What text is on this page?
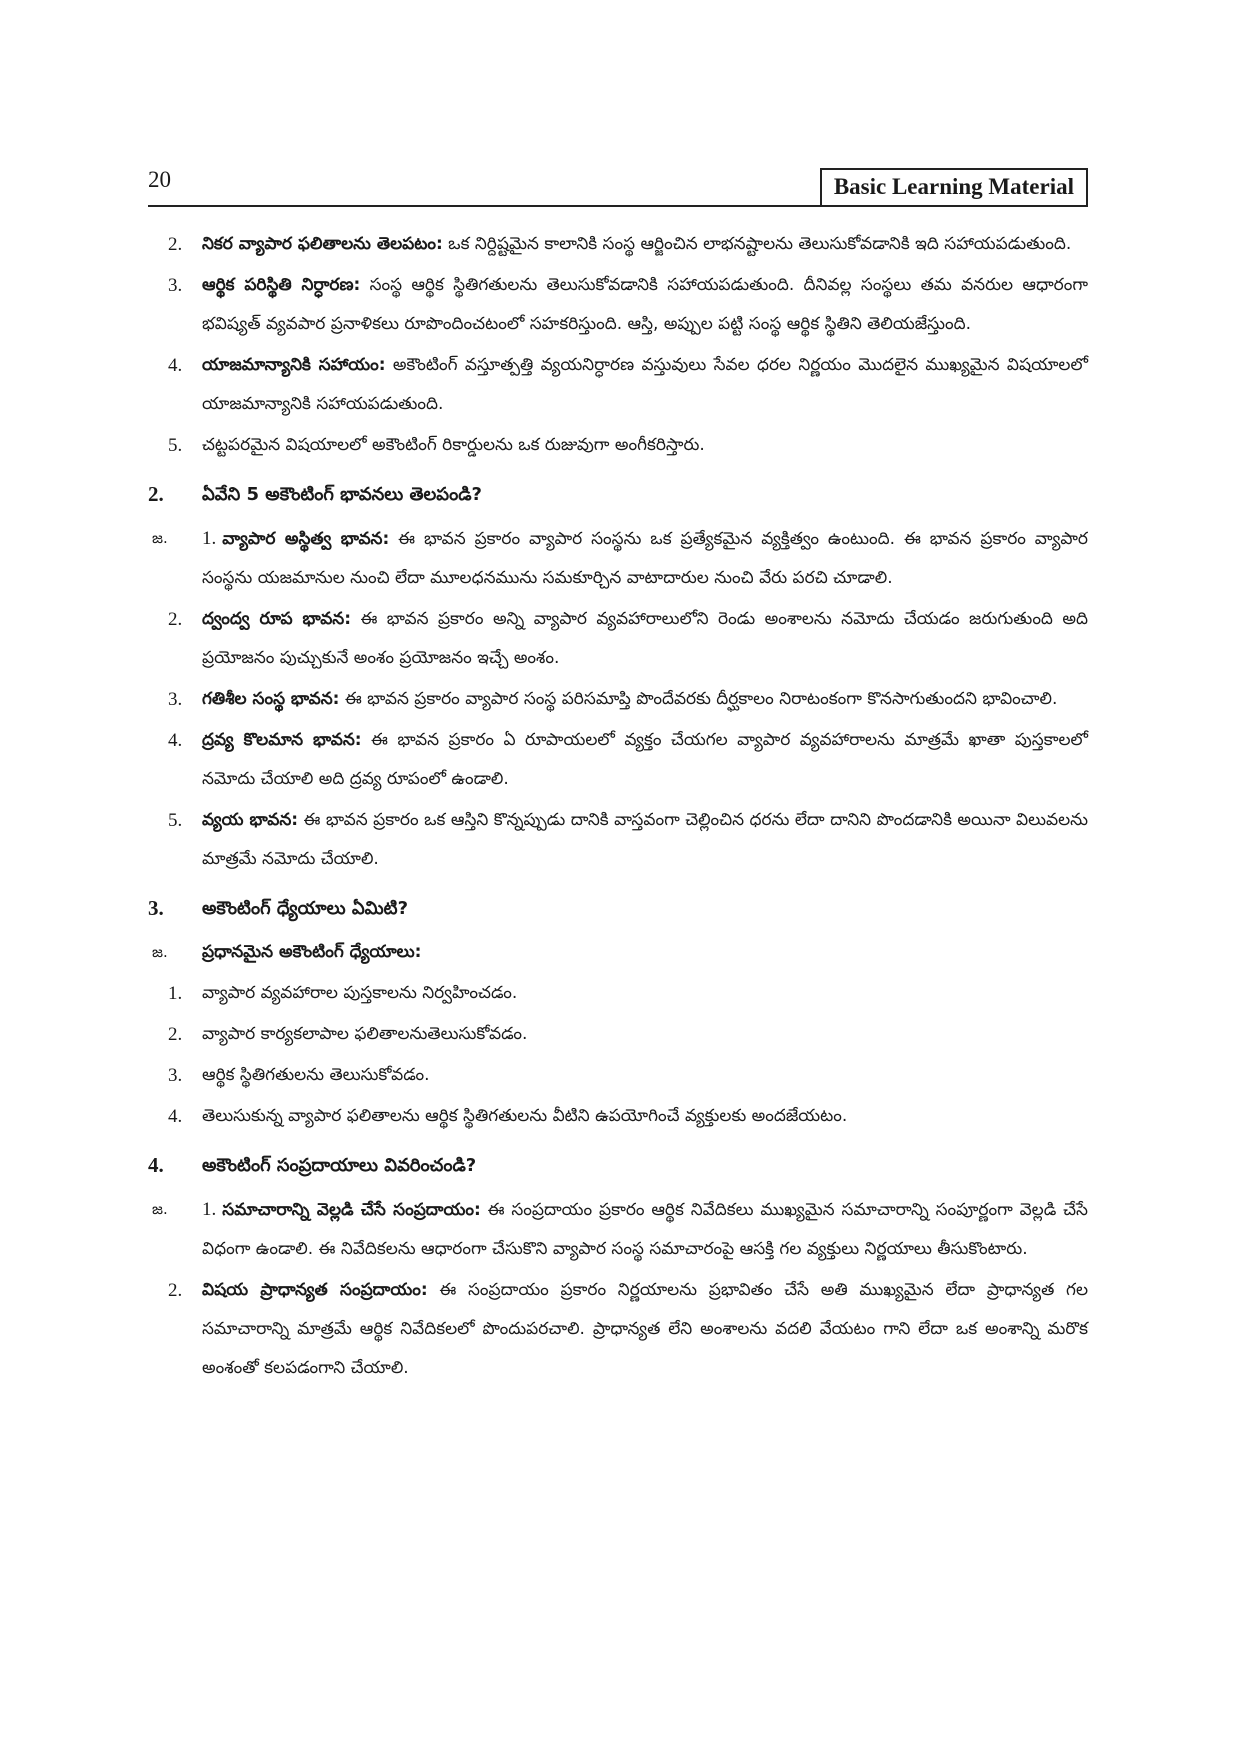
20	Basic Learning Material
2. నికర వ్యాపార ఫలితాలను తెలపటం: ఒక నిర్దిష్టమైన కాలానికి సంస్థ ఆర్జించిన లాభనష్టాలను తెలుసుకోవడానికి ఇది సహాయపడుతుంది.
3. ఆర్థిక పరిస్థితి నిర్ధారణ: సంస్థ ఆర్థిక స్థితిగతులను తెలుసుకోవడానికి సహాయపడుతుంది. దీనివల్ల సంస్థలు తమ వనరుల ఆధారంగా భవిష్యత్ వ్యవపార ప్రనాళికలు రూపొందించటంలో సహకరిస్తుంది. ఆస్తి, అప్పుల పట్టి సంస్థ ఆర్థిక స్థితిని తెలియజేస్తుంది.
4. యాజమాన్యానికి సహాయం: అకౌంటింగ్ వస్తూత్పత్తి వ్యయనిర్ధారణ వస్తువులు సేవల ధరల నిర్ణయం మొదలైన ముఖ్యమైన విషయాలలో యాజమాన్యానికి సహాయపడుతుంది.
5. చట్టపరమైన విషయాలలో అకౌంటింగ్ రికార్డులను ఒక రుజువుగా అంగీకరిస్తారు.
2. ఏవేని 5 అకౌంటింగ్ భావనలు తెలపండి?
జ. 1. వ్యాపార అస్థిత్వ భావన: ఈ భావన ప్రకారం వ్యాపార సంస్థను ఒక ప్రత్యేకమైన వ్యక్తిత్వం ఉంటుంది. ఈ భావన ప్రకారం వ్యాపార సంస్థను యజమానుల నుంచి లేదా మూలధనమును సమకూర్చిన వాటాదారుల నుంచి వేరు పరచి చూడాలి.
2. ద్వంద్వ రూప భావన: ఈ భావన ప్రకారం అన్ని వ్యాపార వ్యవహారాలులోని రెండు అంశాలను నమోదు చేయడం జరుగుతుంది అది ప్రయోజనం పుచ్చుకునే అంశం ప్రయోజనం ఇచ్చే అంశం.
3. గతిశీల సంస్థ భావన: ఈ భావన ప్రకారం వ్యాపార సంస్థ పరిసమాప్తి పొందేవరకు దీర్ఘకాలం నిరాటంకంగా కొనసాగుతుందని భావించాలి.
4. ద్రవ్య కొలమాన భావన: ఈ భావన ప్రకారం ఏ రూపాయలలో వ్యక్తం చేయగల వ్యాపార వ్యవహారాలను మాత్రమే ఖాతా పుస్తకాలలో నమోదు చేయాలి అది ద్రవ్య రూపంలో ఉండాలి.
5. వ్యయ భావన: ఈ భావన ప్రకారం ఒక ఆస్తిని కొన్నప్పుడు దానికి వాస్తవంగా చెల్లించిన ధరను లేదా దానిని పొందడానికి అయినా విలువలను మాత్రమే నమోదు చేయాలి.
3. అకౌంటింగ్ ధ్యేయాలు ఏమిటి?
జ. ప్రధానమైన అకౌంటింగ్ ధ్యేయాలు:
1. వ్యాపార వ్యవహారాల పుస్తకాలను నిర్వహించడం.
2. వ్యాపార కార్యకలాపాల ఫలితాలనుతెలుసుకోవడం.
3. ఆర్థిక స్థితిగతులను తెలుసుకోవడం.
4. తెలుసుకున్న వ్యాపార ఫలితాలను ఆర్థిక స్థితిగతులను వీటిని ఉపయోగించే వ్యక్తులకు అందజేయటం.
4. అకౌంటింగ్ సంప్రదాయాలు వివరించండి?
జ. 1. సమాచారాన్ని వెల్లడి చేసే సంప్రదాయం: ఈ సంప్రదాయం ప్రకారం ఆర్థిక నివేదికలు ముఖ్యమైన సమాచారాన్ని సంపూర్ణంగా వెల్లడి చేసే విధంగా ఉండాలి. ఈ నివేదికలను ఆధారంగా చేసుకొని వ్యాపార సంస్థ సమాచారంపై ఆసక్తి గల వ్యక్తులు నిర్ణయాలు తీసుకొంటారు.
2. విషయ ప్రాధాన్యత సంప్రదాయం: ఈ సంప్రదాయం ప్రకారం నిర్ణయాలను ప్రభావితం చేసే అతి ముఖ్యమైన లేదా ప్రాధాన్యత గల సమాచారాన్ని మాత్రమే ఆర్థిక నివేదికలలో పొందుపరచాలి. ప్రాధాన్యత లేని అంశాలను వదలి వేయటం గాని లేదా ఒక అంశాన్ని మరొక అంశంతో కలపడంగాని చేయాలి.
